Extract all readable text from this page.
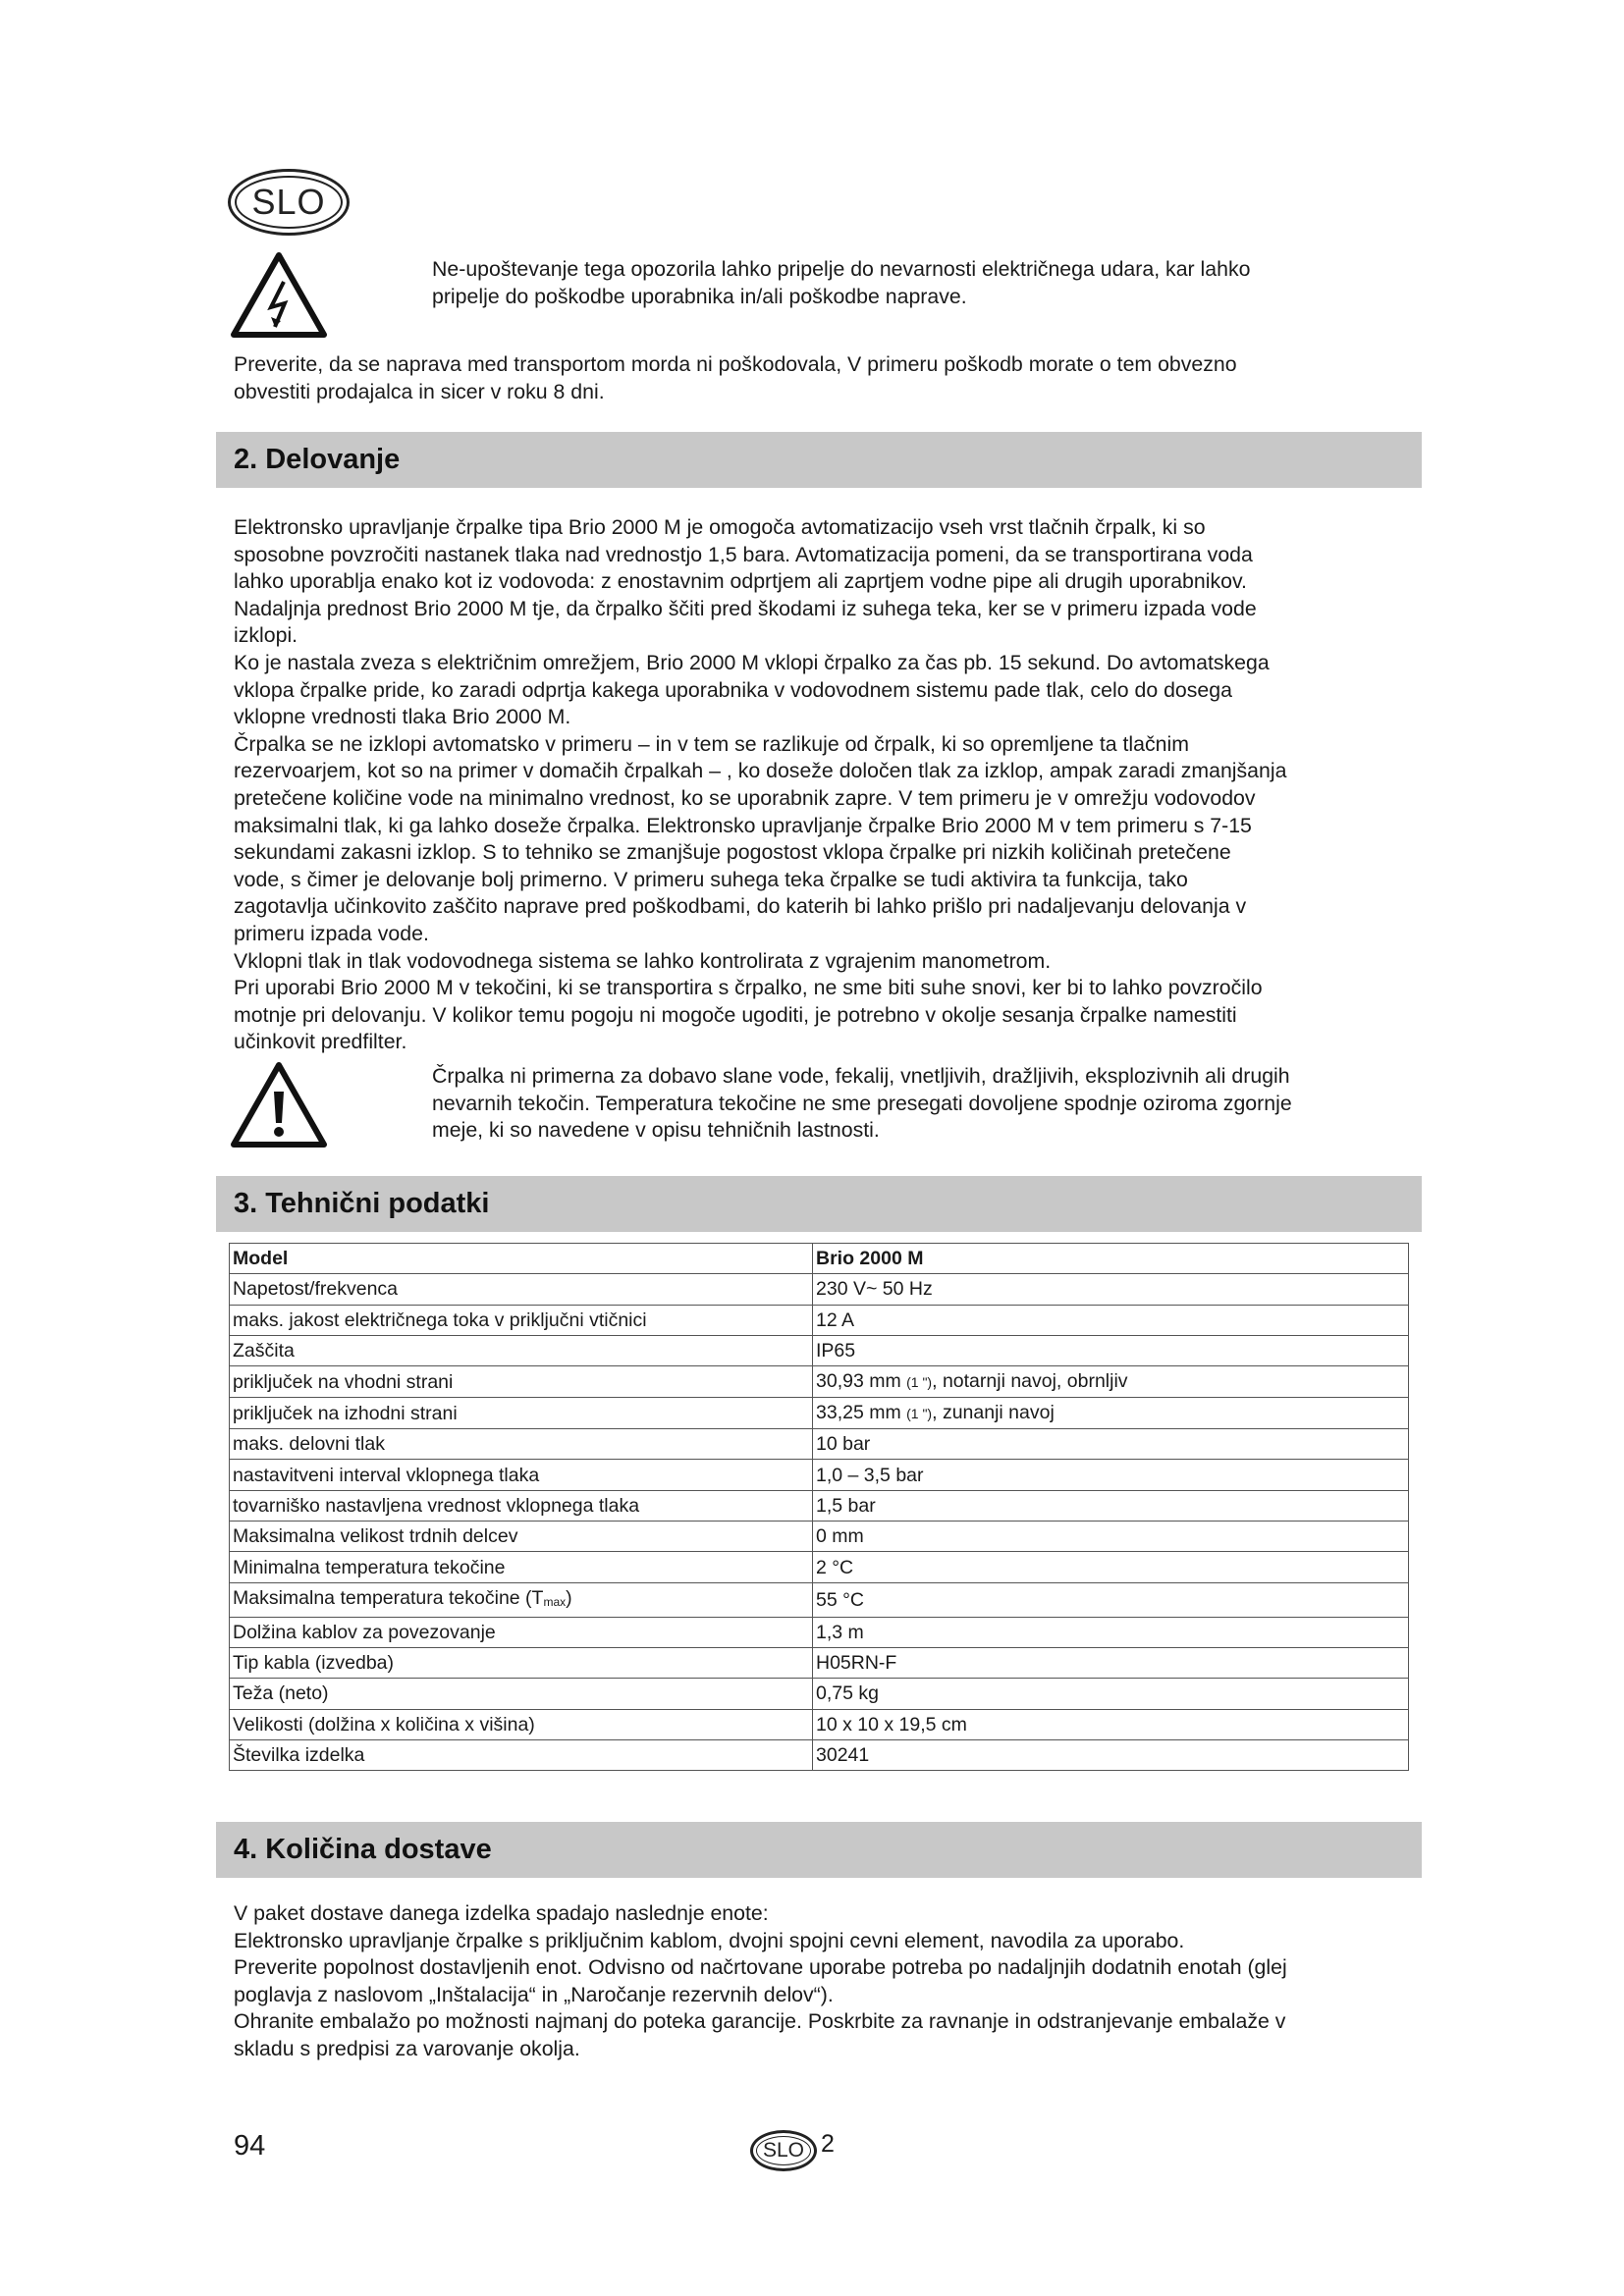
SLO
Ne-upoštevanje tega opozorila lahko pripelje do nevarnosti električnega udara, kar lahko
pripelje do poškodbe uporabnika in/ali poškodbe naprave.
Preverite, da se naprava med transportom morda ni poškodovala, V primeru poškodb morate o tem obvezno
obvestiti prodajalca in sicer v roku 8 dni.
2. Delovanje
Elektronsko upravljanje črpalke tipa Brio 2000 M je omogoča avtomatizacijo vseh vrst tlačnih črpalk, ki so
sposobne povzročiti nastanek tlaka nad vrednostjo 1,5 bara. Avtomatizacija pomeni, da se transportirana voda
lahko uporablja enako kot iz vodovoda: z enostavnim odprtjem ali zaprtjem vodne pipe ali drugih uporabnikov.
Nadaljnja prednost Brio 2000 M tje, da črpalko ščiti pred škodami iz suhega teka, ker se v primeru izpada vode
izklopi.
Ko je nastala zveza s električnim omrežjem, Brio 2000 M vklopi črpalko za čas pb. 15 sekund. Do avtomatskega
vklopa črpalke pride, ko zaradi odprtja kakega uporabnika v vodovodnem sistemu pade tlak, celo do dosega
vklopne vrednosti tlaka Brio 2000 M.
Črpalka se ne izklopi avtomatsko v primeru – in v tem se razlikuje od črpalk, ki so opremljene ta tlačnim
rezervoarjem, kot so na primer v domačih črpalkah – , ko doseže določen tlak za izklop, ampak zaradi zmanjšanja
pretečene količine vode na minimalno vrednost, ko se uporabnik zapre. V tem primeru je v omrežju vodovodov
maksimalni tlak, ki ga lahko doseže črpalka. Elektronsko upravljanje črpalke Brio 2000 M v tem primeru s 7-15
sekundami zakasni izklop. S to tehniko se zmanjšuje pogostost vklopa črpalke pri nizkih količinah pretečene
vode, s čimer je delovanje bolj primerno. V primeru suhega teka črpalke se tudi aktivira ta funkcija, tako
zagotavlja učinkovito zaščito naprave pred poškodbami, do katerih bi lahko prišlo pri nadaljevanju delovanja v
primeru izpada vode.
Vklopni tlak in tlak vodovodnega sistema se lahko kontrolirata z vgrajenim manometrom.
Pri uporabi Brio 2000 M v tekočini, ki se transportira s črpalko, ne sme biti suhe snovi, ker bi to lahko povzročilo
motnje pri delovanju. V kolikor temu pogoju ni mogoče ugoditi, je potrebno v okolje sesanja črpalke namestiti
učinkovit predfilter.
Črpalka ni primerna za dobavo slane vode, fekalij, vnetljivih, dražljivih, eksplozivnih ali drugih
nevarnih tekočin. Temperatura tekočine ne sme presegati dovoljene spodnje oziroma zgornje
meje, ki so navedene v opisu tehničnih lastnosti.
3. Tehnični podatki
Model	Brio 2000 M
Napetost/frekvenca	230 V~ 50 Hz
maks. jakost električnega toka v priključni vtičnici	12 A
Zaščita	IP65
priključek na vhodni strani	30,93 mm (1 "), notarnji navoj, obrnljiv
priključek na izhodni strani	33,25 mm (1 "), zunanji navoj
maks. delovni tlak	10 bar
nastavitveni interval vklopnega tlaka	1,0 – 3,5 bar
tovarniško nastavljena vrednost vklopnega tlaka	1,5 bar
Maksimalna velikost trdnih delcev	0 mm
Minimalna temperatura tekočine	2 °C
Maksimalna temperatura tekočine $(T_{max})$	55 °C
Dolžina kablov za povezovanje	1,3 m
Tip kabla (izvedba)	H05RN-F
Teža (neto)	0,75 kg
Velikosti (dolžina x količina x višina)	10 x 10 x 19,5 cm
Številka izdelka	30241
4. Količina dostave
V paket dostave danega izdelka spadajo naslednje enote:
Elektronsko upravljanje črpalke s priključnim kablom, dvojni spojni cevni element, navodila za uporabo.
Preverite popolnost dostavljenih enot. Odvisno od načrtovane uporabe potreba po nadaljnjih dodatnih enotah (glej
poglavja z naslovom „Inštalacija“ in „Naročanje rezervnih delov“).
Ohranite embalažo po možnosti najmanj do poteka garancije. Poskrbite za ravnanje in odstranjevanje embalaže v
skladu s predpisi za varovanje okolja.
94	SLO 2
